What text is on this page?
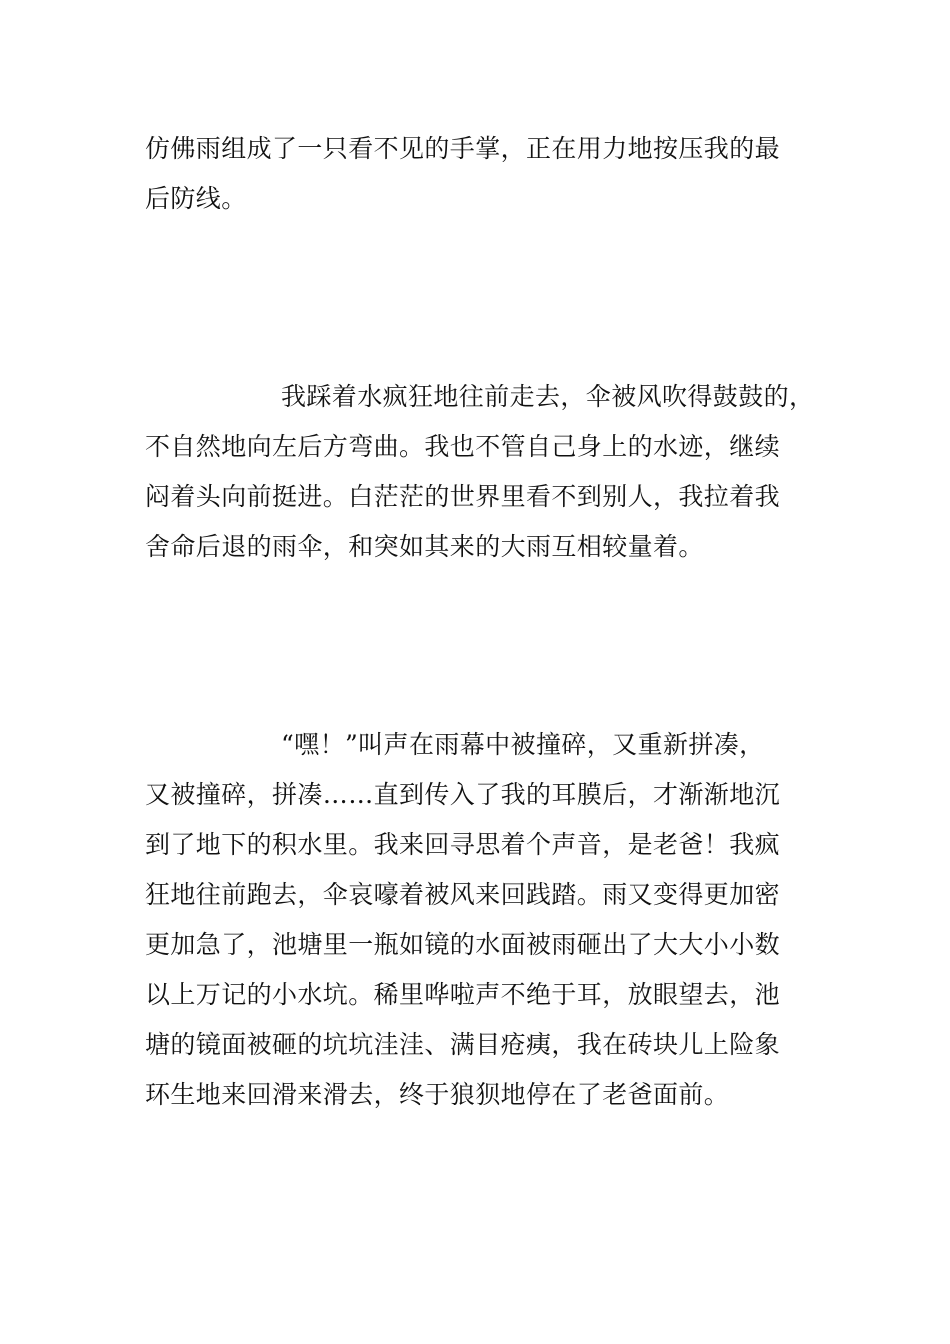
仿佛雨组成了一只看不见的手掌，正在用力地按压我的最
后防线。
我踩着水疯狂地往前走去，伞被风吹得鼓鼓的，
不自然地向左后方弯曲。我也不管自己身上的水迹，继续
闷着头向前挺进。白茫茫的世界里看不到别人，我拉着我
舍命后退的雨伞，和突如其来的大雨互相较量着。
“嘿！”叫声在雨幕中被撞碎，又重新拼凑，
又被撞碎，拼凑……直到传入了我的耳膜后，才渐渐地沉
到了地下的积水里。我来回寻思着个声音，是老爸！我疯
狂地往前跑去，伞哀嚎着被风来回践踏。雨又变得更加密
更加急了，池塘里一瓶如镜的水面被雨砸出了大大小小数
以上万记的小水坑。稀里哗啦声不绝于耳，放眼望去，池
塘的镜面被砸的坑坑洼洼、满目疮痍，我在砖块儿上险象
环生地来回滑来滑去，终于狼狈地停在了老爸面前。
